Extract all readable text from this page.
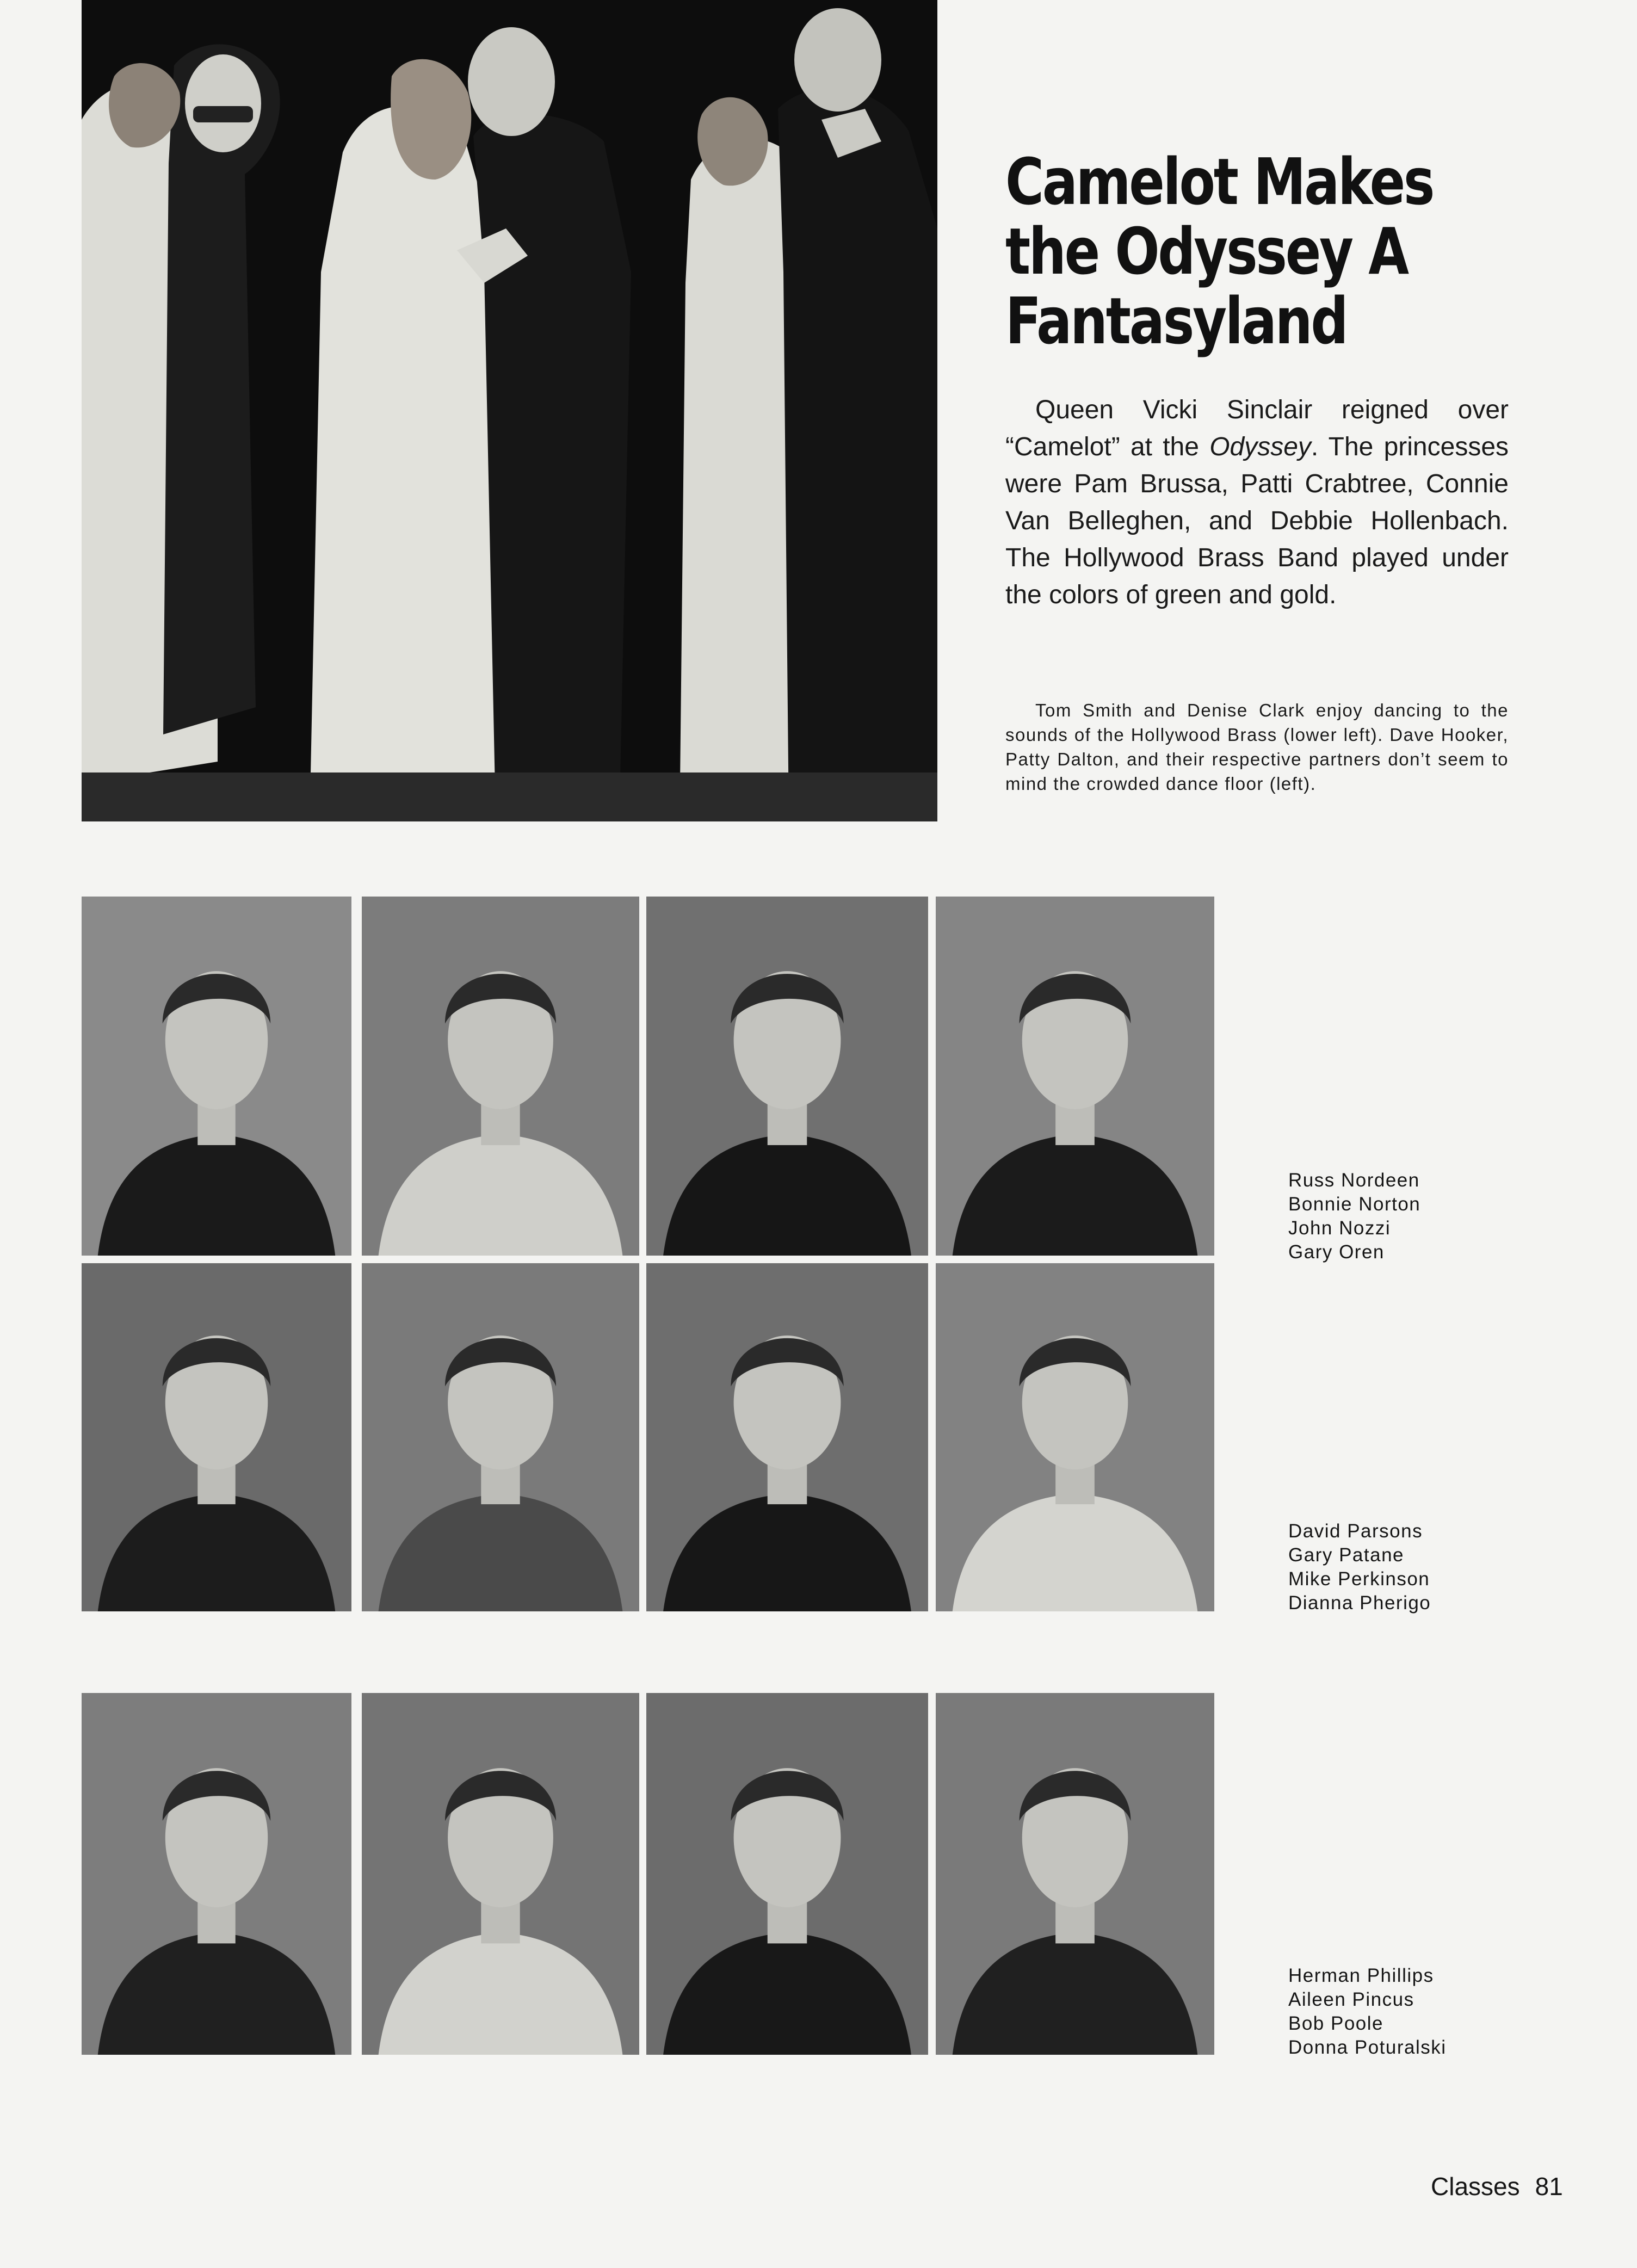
Camelot Makes
the Odyssey A
Fantasyland

Queen Vicki Sinclair reigned over “Camelot” at the Odyssey. The princesses were Pam Brussa, Patti Crabtree, Connie Van Belleghen, and Debbie Hollenbach. The Hollywood Brass Band played under the colors of green and gold.

Tom Smith and Denise Clark enjoy dancing to the sounds of the Hollywood Brass (lower left). Dave Hooker, Patty Dalton, and their respective partners don’t seem to mind the crowded dance floor (left).

Russ Nordeen
Bonnie Norton
John Nozzi
Gary Oren
David Parsons
Gary Patane
Mike Perkinson
Dianna Pherigo
Herman Phillips
Aileen Pincus
Bob Poole
Donna Poturalski
Classes 81
